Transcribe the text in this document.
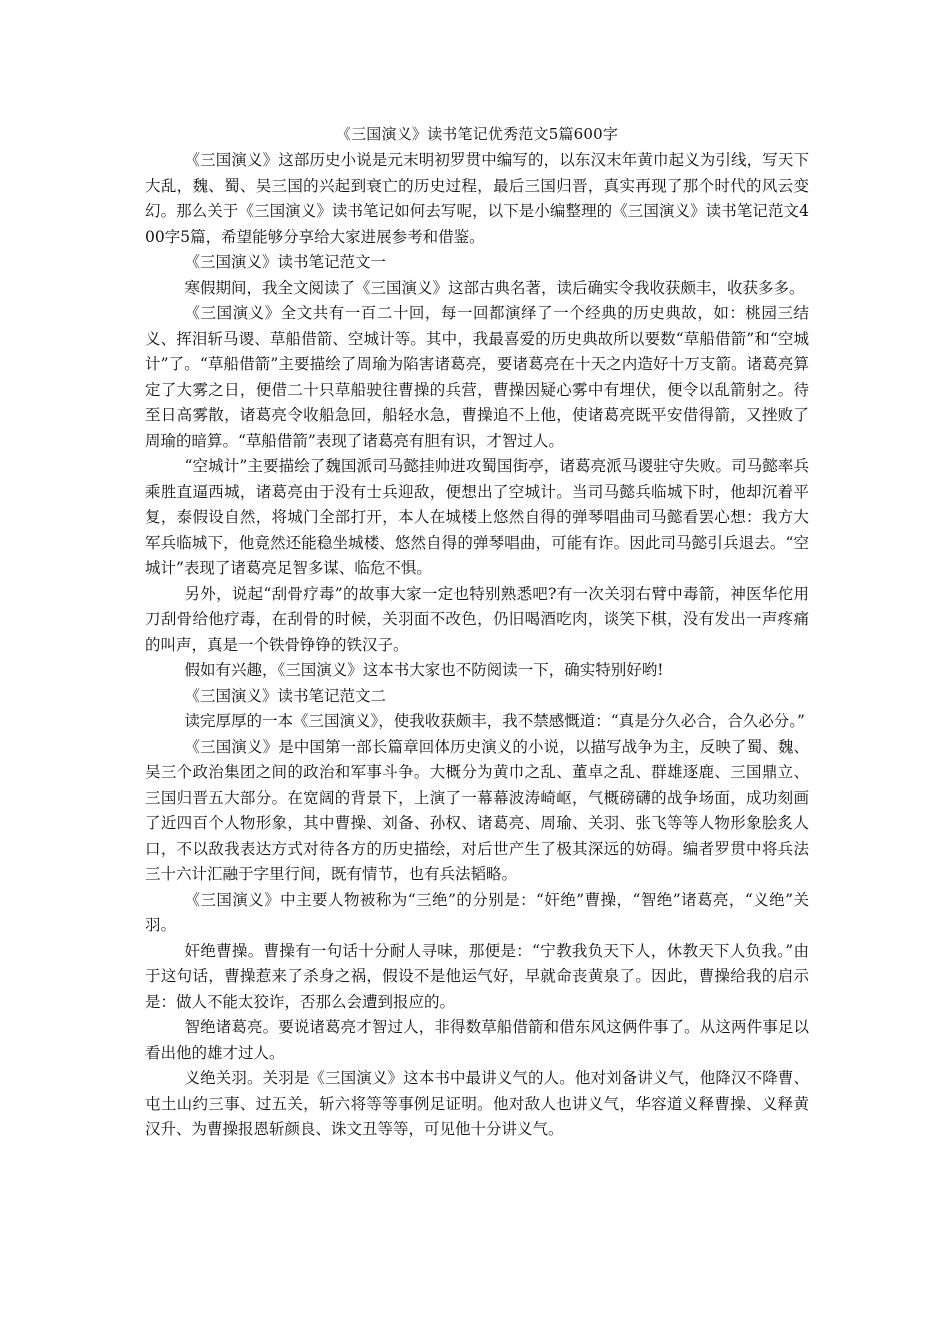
《三国演义》读书笔记优秀范文5篇600字

《三国演义》这部历史小说是元末明初罗贯中编写的，以东汉末年黄巾起义为引线，写天下大乱，魏、蜀、吴三国的兴起到衰亡的历史过程，最后三国归晋，真实再现了那个时代的风云变幻。那么关于《三国演义》读书笔记如何去写呢，以下是小编整理的《三国演义》读书笔记范文400字5篇，希望能够分享给大家进展参考和借鉴。

《三国演义》读书笔记范文一

寒假期间，我全文阅读了《三国演义》这部古典名著，读后确实令我收获颇丰，收获多多。

《三国演义》全文共有一百二十回，每一回都演绎了一个经典的历史典故，如：桃园三结义、挥泪斩马谡、草船借箭、空城计等。其中，我最喜爱的历史典故所以要数“草船借箭”和“空城计”了。“草船借箭”主要描绘了周瑜为陷害诸葛亮，要诸葛亮在十天之内造好十万支箭。诸葛亮算定了大雾之日，便借二十只草船驶往曹操的兵营，曹操因疑心雾中有埋伏，便令以乱箭射之。待至日高雾散，诸葛亮令收船急回，船轻水急，曹操追不上他，使诸葛亮既平安借得箭，又挫败了周瑜的暗算。“草船借箭”表现了诸葛亮有胆有识，才智过人。

“空城计”主要描绘了魏国派司马懿挂帅进攻蜀国街亭，诸葛亮派马谡驻守失败。司马懿率兵乘胜直逼西城，诸葛亮由于没有士兵迎敌，便想出了空城计。当司马懿兵临城下时，他却沉着平复，泰假设自然，将城门全部打开，本人在城楼上悠然自得的弹琴唱曲司马懿看罢心想：我方大军兵临城下，他竟然还能稳坐城楼、悠然自得的弹琴唱曲，可能有诈。因此司马懿引兵退去。“空城计”表现了诸葛亮足智多谋、临危不惧。

另外，说起“刮骨疗毒”的故事大家一定也特别熟悉吧?有一次关羽右臂中毒箭，神医华佗用刀刮骨给他疗毒，在刮骨的时候，关羽面不改色，仍旧喝酒吃肉，谈笑下棋，没有发出一声疼痛的叫声，真是一个铁骨铮铮的铁汉子。

假如有兴趣，《三国演义》这本书大家也不防阅读一下，确实特别好哟!

《三国演义》读书笔记范文二

读完厚厚的一本《三国演义》，使我收获颇丰，我不禁感慨道：“真是分久必合，合久必分。”

《三国演义》是中国第一部长篇章回体历史演义的小说，以描写战争为主，反映了蜀、魏、吴三个政治集团之间的政治和军事斗争。大概分为黄巾之乱、董卓之乱、群雄逐鹿、三国鼎立、三国归晋五大部分。在宽阔的背景下，上演了一幕幕波涛崎岖，气概磅礴的战争场面，成功刻画了近四百个人物形象，其中曹操、刘备、孙权、诸葛亮、周瑜、关羽、张飞等等人物形象脍炙人口，不以敌我表达方式对待各方的历史描绘，对后世产生了极其深远的妨碍。编者罗贯中将兵法三十六计汇融于字里行间，既有情节，也有兵法韬略。

《三国演义》中主要人物被称为“三绝”的分别是：“奸绝”曹操，“智绝”诸葛亮，“义绝”关羽。

奸绝曹操。曹操有一句话十分耐人寻味，那便是：“宁教我负天下人，休教天下人负我。”由于这句话，曹操惹来了杀身之祸，假设不是他运气好，早就命丧黄泉了。因此，曹操给我的启示是：做人不能太狡诈，否那么会遭到报应的。

智绝诸葛亮。要说诸葛亮才智过人，非得数草船借箭和借东风这俩件事了。从这两件事足以看出他的雄才过人。

义绝关羽。关羽是《三国演义》这本书中最讲义气的人。他对刘备讲义气，他降汉不降曹、屯土山约三事、过五关，斩六将等等事例足证明。他对敌人也讲义气，华容道义释曹操、义释黄汉升、为曹操报恩斩颜良、诛文丑等等，可见他十分讲义气。
